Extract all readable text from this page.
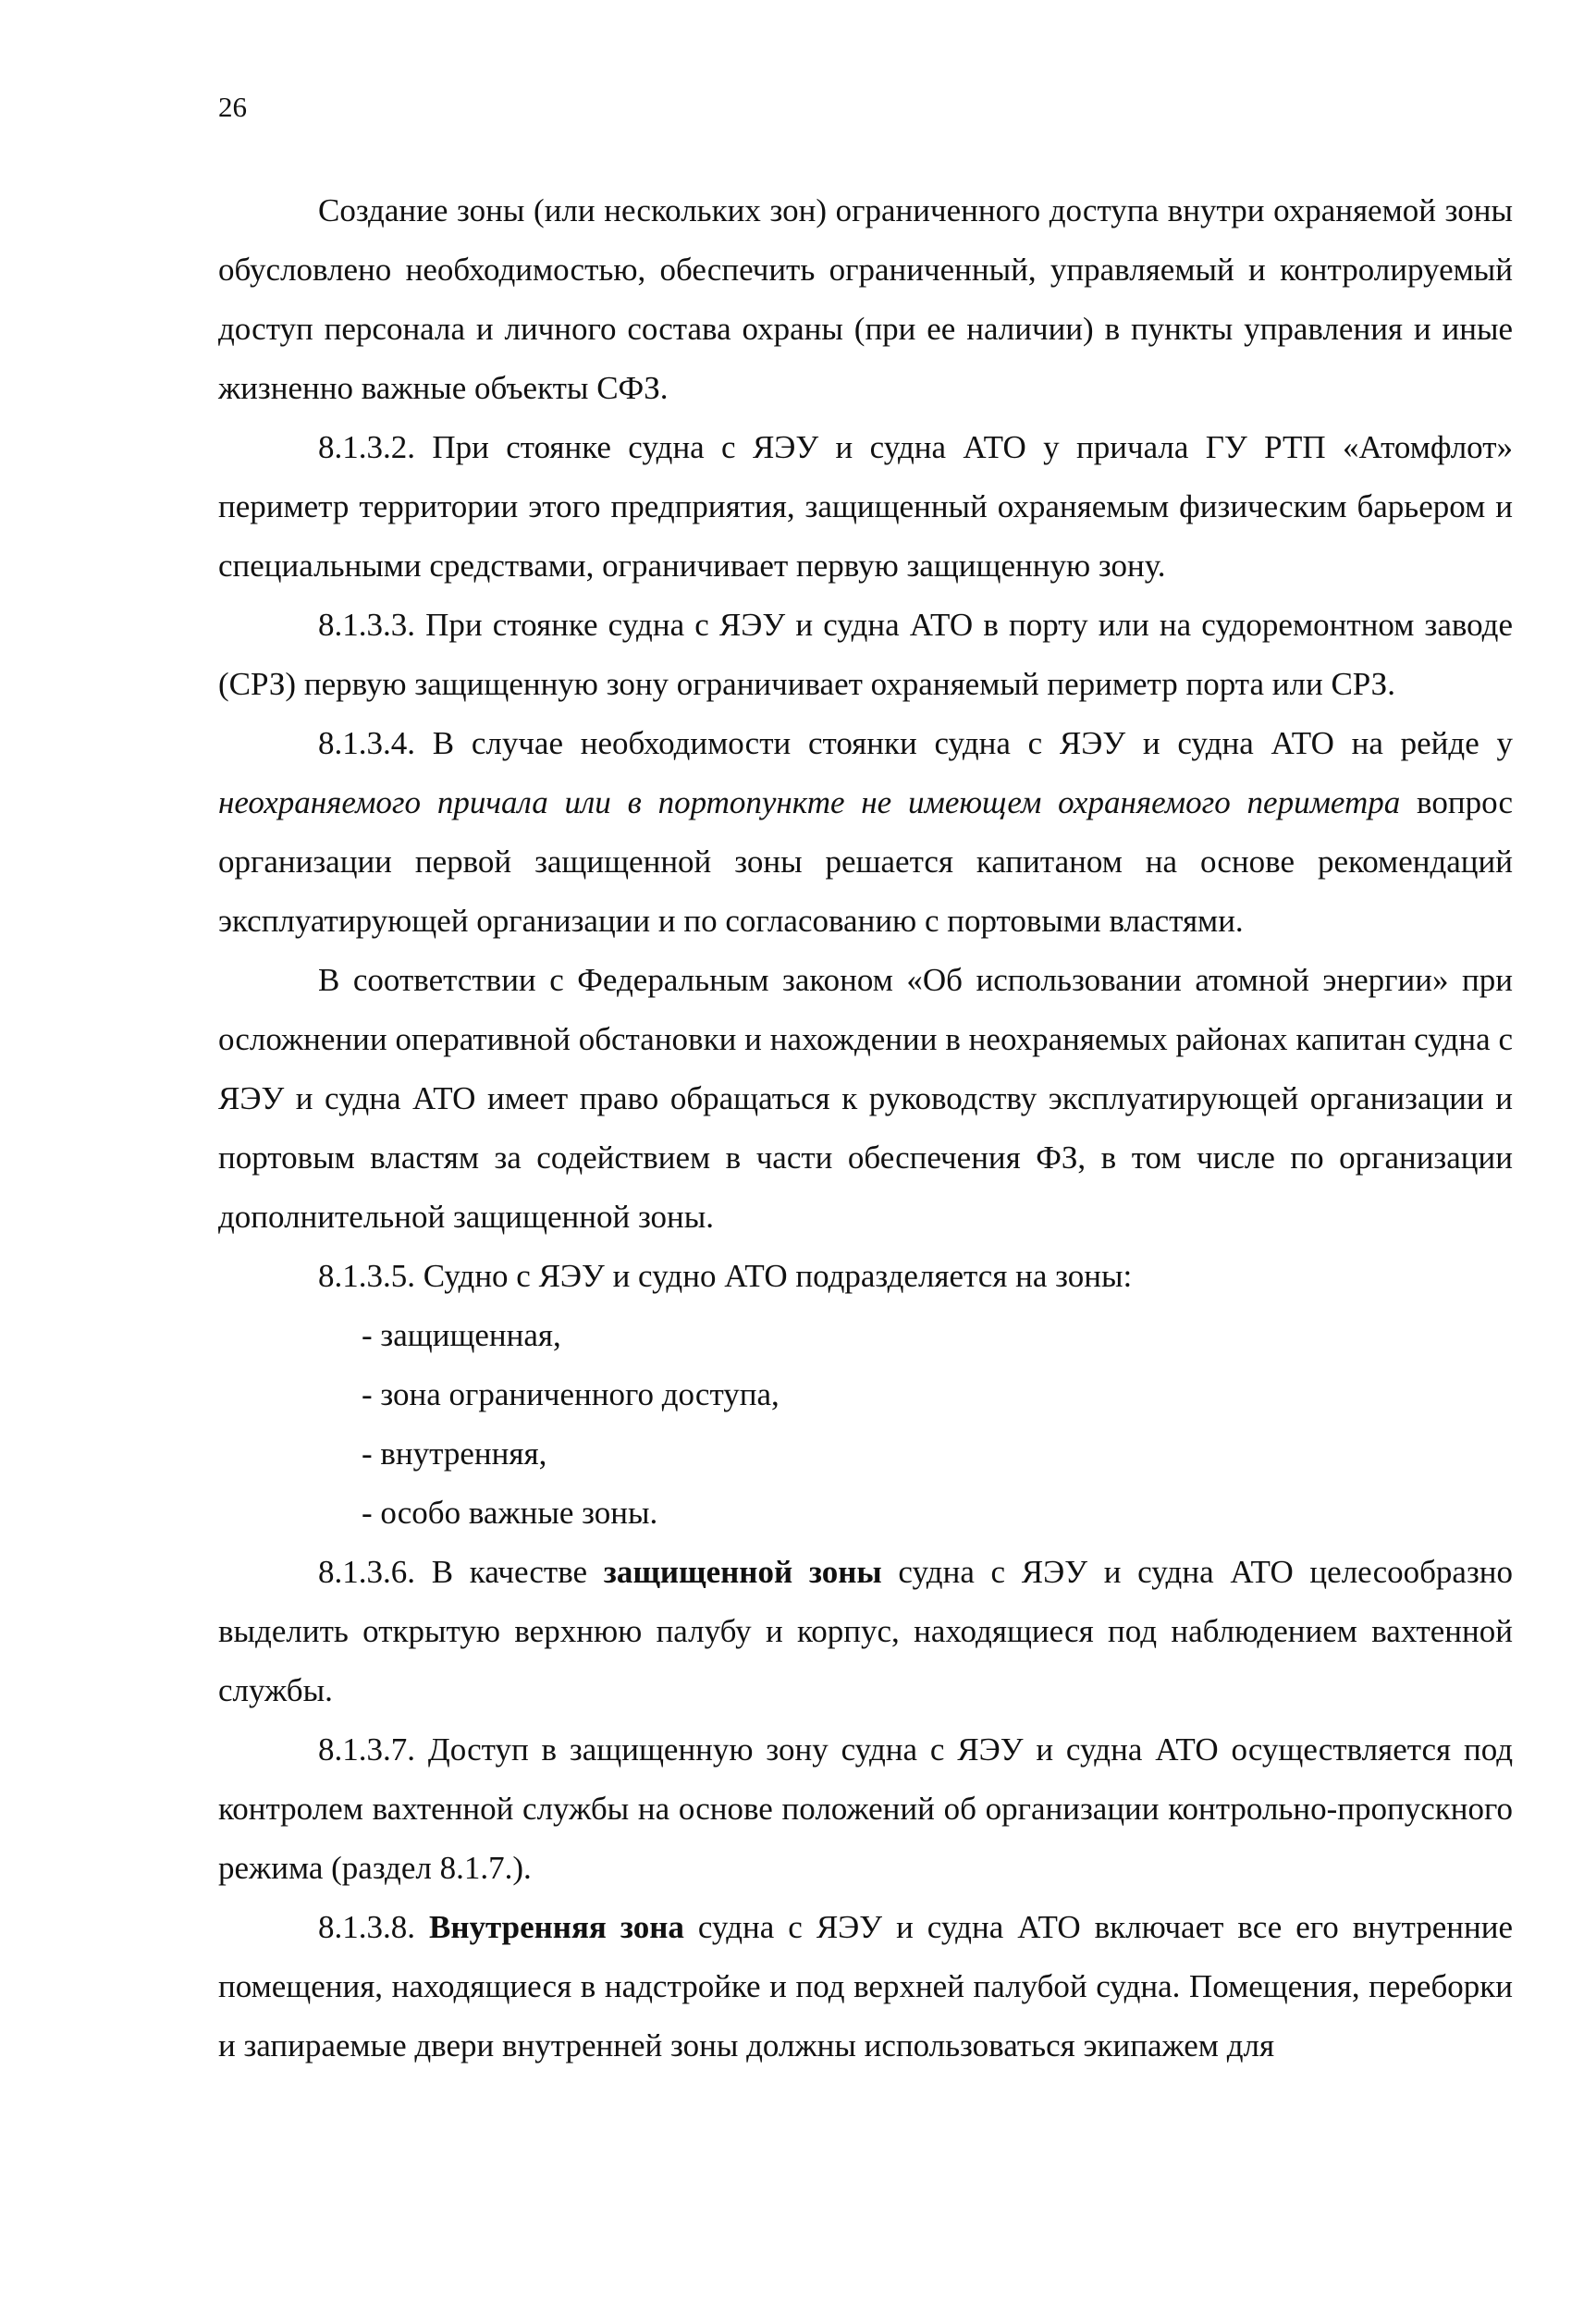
26

Создание зоны (или нескольких зон) ограниченного доступа внутри охраняемой зоны обусловлено необходимостью, обеспечить ограниченный, управляемый и контролируемый доступ персонала и личного состава охраны (при ее наличии) в пункты управления и иные жизненно важные объекты СФЗ.

8.1.3.2. При стоянке судна с ЯЭУ и судна АТО у причала ГУ РТП «Атомфлот» периметр территории этого предприятия, защищенный охраняемым физическим барьером и специальными средствами, ограничивает первую защищенную зону.

8.1.3.3. При стоянке судна с ЯЭУ и судна АТО в порту или на судоремонтном заводе (СРЗ) первую защищенную зону ограничивает охраняемый периметр порта или СРЗ.

8.1.3.4. В случае необходимости стоянки судна с ЯЭУ и судна АТО на рейде у неохраняемого причала или в портопункте не имеющем охраняемого периметра вопрос организации первой защищенной зоны решается капитаном на основе рекомендаций эксплуатирующей организации и по согласованию с портовыми властями.

В соответствии с Федеральным законом «Об использовании атомной энергии» при осложнении оперативной обстановки и нахождении в неохраняемых районах капитан судна с ЯЭУ и судна АТО имеет право обращаться к руководству эксплуатирующей организации и портовым властям за содействием в части обеспечения ФЗ, в том числе по организации дополнительной защищенной зоны.

8.1.3.5. Судно с ЯЭУ и судно АТО подразделяется на зоны:

- защищенная,
- зона ограниченного доступа,
- внутренняя,
- особо важные зоны.

8.1.3.6. В качестве защищенной зоны судна с ЯЭУ и судна АТО целесообразно выделить открытую верхнюю палубу и корпус, находящиеся под наблюдением вахтенной службы.

8.1.3.7. Доступ в защищенную зону судна с ЯЭУ и судна АТО осуществляется под контролем вахтенной службы на основе положений об организации контрольно-пропускного режима (раздел 8.1.7.).

8.1.3.8. Внутренняя зона судна с ЯЭУ и судна АТО включает все его внутренние помещения, находящиеся в надстройке и под верхней палубой судна. Помещения, переборки и запираемые двери внутренней зоны должны использоваться экипажем для
